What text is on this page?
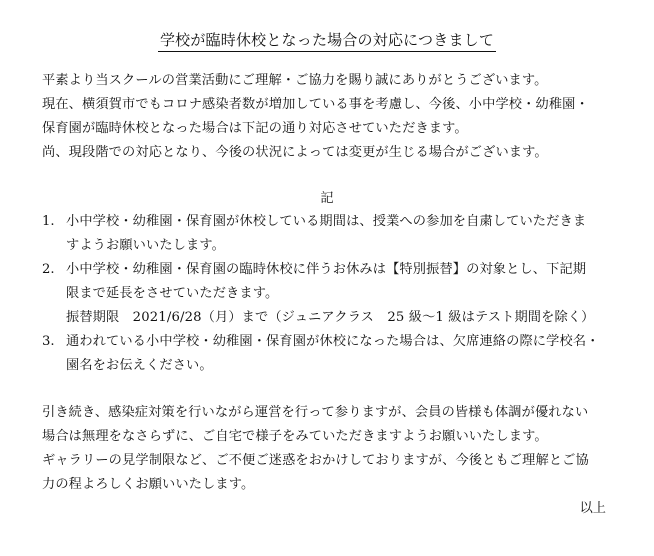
学校が臨時休校となった場合の対応につきまして
平素より当スクールの営業活動にご理解・ご協力を賜り誠にありがとうございます。
現在、横須賀市でもコロナ感染者数が増加している事を考慮し、今後、小中学校・幼稚園・
保育園が臨時休校となった場合は下記の通り対応させていただきます。
尚、現段階での対応となり、今後の状況によっては変更が生じる場合がございます。
記
1. 小中学校・幼稚園・保育園が休校している期間は、授業への参加を自粛していただきま
すようお願いいたします。
2. 小中学校・幼稚園・保育園の臨時休校に伴うお休みは【特別振替】の対象とし、下記期
限まで延長をさせていただきます。
振替期限　2021/6/28（月）まで（ジュニアクラス　25 級～1 級はテスト期間を除く）
3. 通われている小中学校・幼稚園・保育園が休校になった場合は、欠席連絡の際に学校名・
園名をお伝えください。
引き続き、感染症対策を行いながら運営を行って参りますが、会員の皆様も体調が優れない
場合は無理をなさらずに、ご自宅で様子をみていただきますようお願いいたします。
ギャラリーの見学制限など、ご不便ご迷惑をおかけしておりますが、今後ともご理解とご協
力の程よろしくお願いいたします。
以上
